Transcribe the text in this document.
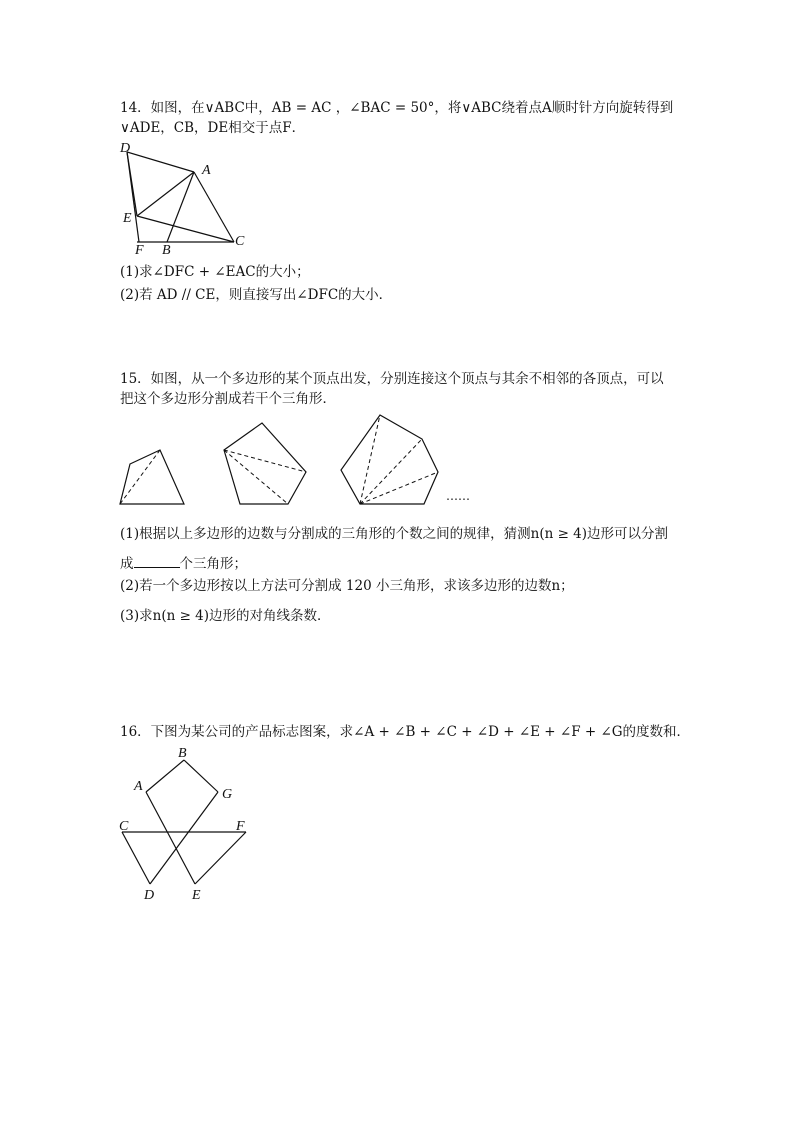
14．如图，在∨ABC中，AB = AC ，∠BAC = 50°，将∨ABC绕着点A顺时针方向旋转得到
∨ADE，CB，DE相交于点F．
D
A
E
F B
C
(1)求∠DFC + ∠EAC的大小；
(2)若 AD // CE，则直接写出∠DFC的大小．
15．如图，从一个多边形的某个顶点出发，分别连接这个顶点与其余不相邻的各顶点，可以
把这个多边形分割成若干个三角形．
……
(1)根据以上多边形的边数与分割成的三角形的个数之间的规律，猜测n(n ≥ 4)边形可以分割
成	个三角形；
(2)若一个多边形按以上方法可分割成 120 小三角形，求该多边形的边数n；
(3)求n(n ≥ 4)边形的对角线条数．
16．下图为某公司的产品标志图案，求∠A + ∠B + ∠C + ∠D + ∠E + ∠F + ∠G的度数和．
B
A
G
C	F
D	E
